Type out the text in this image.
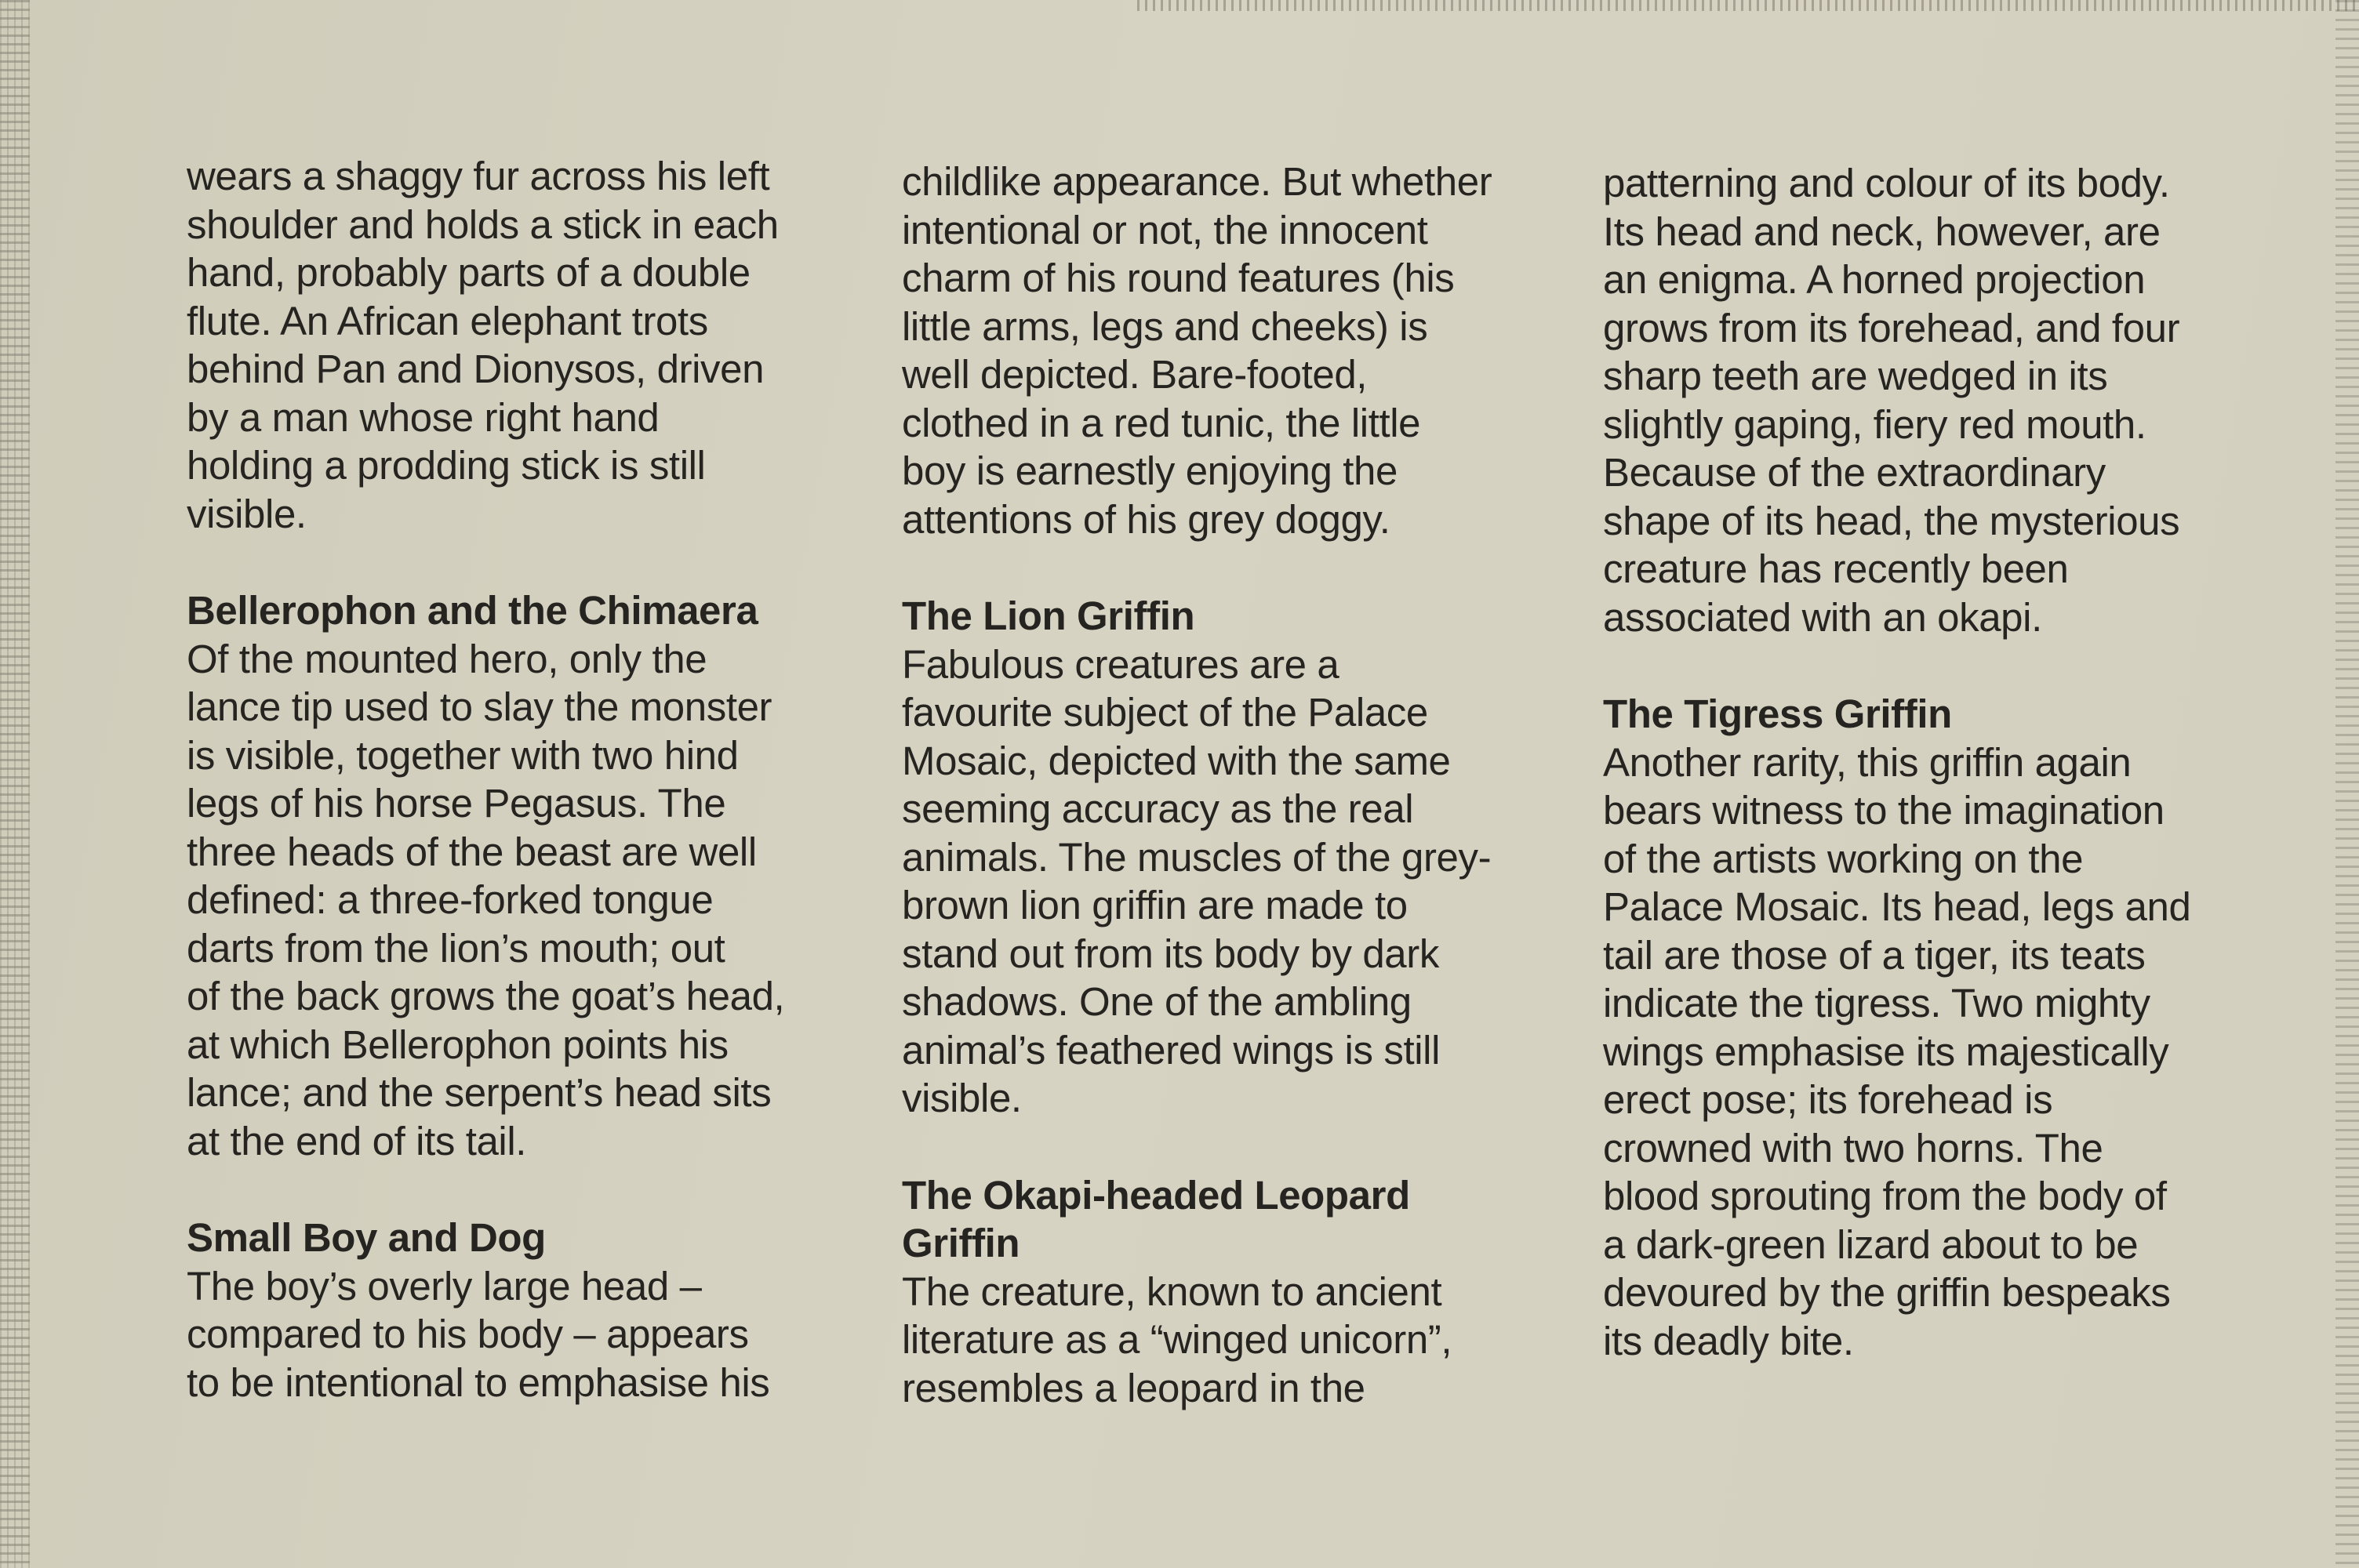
wears a shaggy fur across his left
shoulder and holds a stick in each
hand, probably parts of a double
flute. An African elephant trots
behind Pan and Dionysos, driven
by a man whose right hand
holding a prodding stick is still
visible.
Bellerophon and the Chimaera
Of the mounted hero, only the
lance tip used to slay the monster
is visible, together with two hind
legs of his horse Pegasus. The
three heads of the beast are well
defined: a three-forked tongue
darts from the lion’s mouth; out
of the back grows the goat’s head,
at which Bellerophon points his
lance; and the serpent’s head sits
at the end of its tail.
Small Boy and Dog
The boy’s overly large head –
compared to his body – appears
to be intentional to emphasise his
childlike appearance. But whether
intentional or not, the innocent
charm of his round features (his
little arms, legs and cheeks) is
well depicted. Bare-footed,
clothed in a red tunic, the little
boy is earnestly enjoying the
attentions of his grey doggy.
The Lion Griffin
Fabulous creatures are a
favourite subject of the Palace
Mosaic, depicted with the same
seeming accuracy as the real
animals. The muscles of the grey-
brown lion griffin are made to
stand out from its body by dark
shadows. One of the ambling
animal’s feathered wings is still
visible.
The Okapi-headed Leopard
Griffin
The creature, known to ancient
literature as a “winged unicorn”,
resembles a leopard in the
patterning and colour of its body.
Its head and neck, however, are
an enigma. A horned projection
grows from its forehead, and four
sharp teeth are wedged in its
slightly gaping, fiery red mouth.
Because of the extraordinary
shape of its head, the mysterious
creature has recently been
associated with an okapi.
The Tigress Griffin
Another rarity, this griffin again
bears witness to the imagination
of the artists working on the
Palace Mosaic. Its head, legs and
tail are those of a tiger, its teats
indicate the tigress. Two mighty
wings emphasise its majestically
erect pose; its forehead is
crowned with two horns. The
blood sprouting from the body of
a dark-green lizard about to be
devoured by the griffin bespeaks
its deadly bite.
